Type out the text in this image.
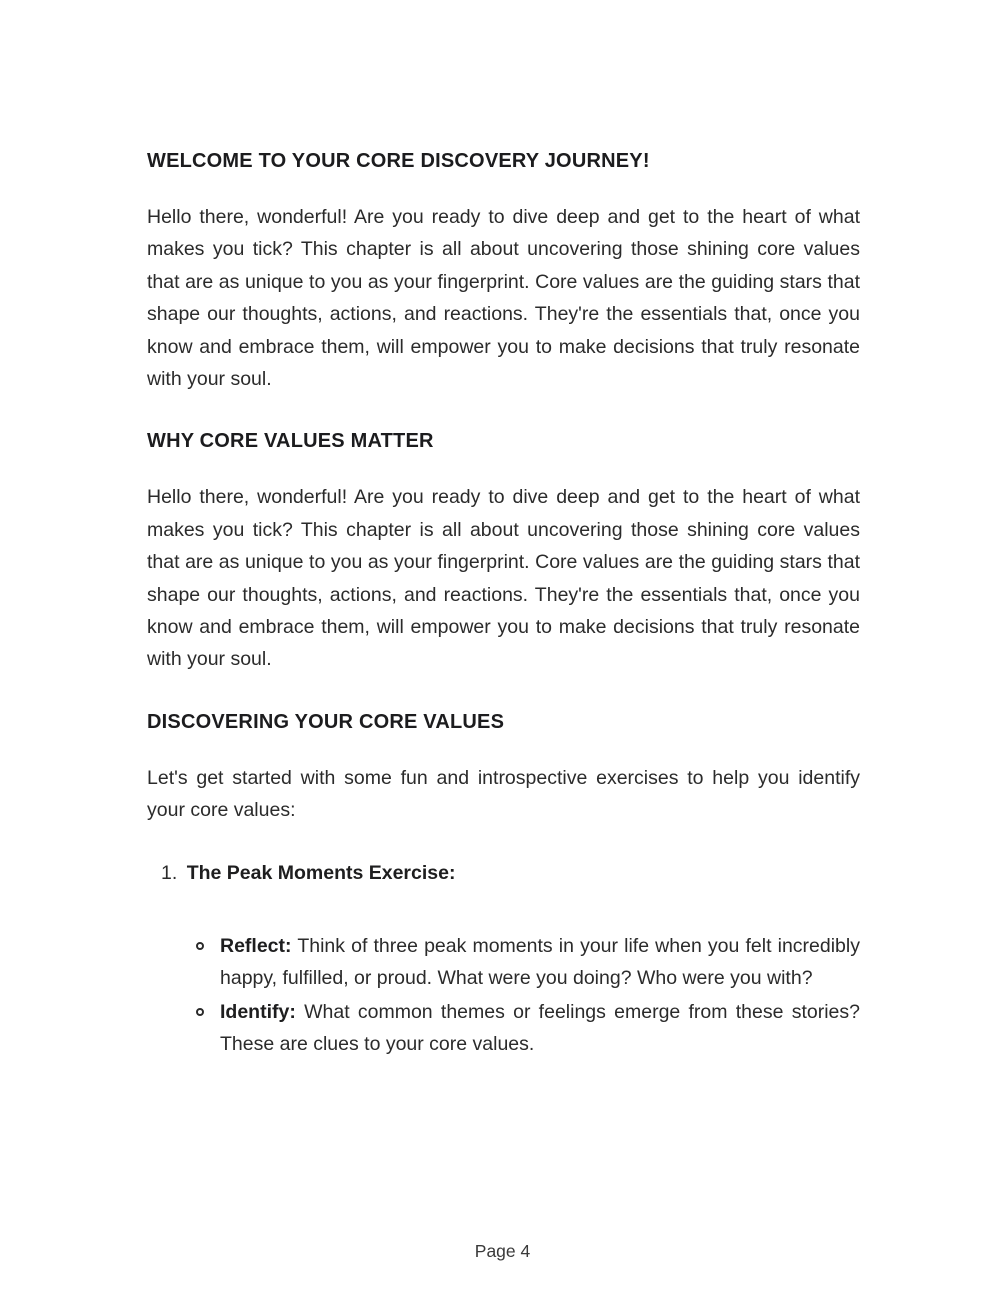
WELCOME TO YOUR CORE DISCOVERY JOURNEY!

Hello there, wonderful! Are you ready to dive deep and get to the heart of what makes you tick? This chapter is all about uncovering those shining core values that are as unique to you as your fingerprint. Core values are the guiding stars that shape our thoughts, actions, and reactions. They're the essentials that, once you know and embrace them, will empower you to make decisions that truly resonate with your soul.

WHY CORE VALUES MATTER

Hello there, wonderful! Are you ready to dive deep and get to the heart of what makes you tick? This chapter is all about uncovering those shining core values that are as unique to you as your fingerprint. Core values are the guiding stars that shape our thoughts, actions, and reactions. They're the essentials that, once you know and embrace them, will empower you to make decisions that truly resonate with your soul.

DISCOVERING YOUR CORE VALUES

Let's get started with some fun and introspective exercises to help you identify your core values:

1. The Peak Moments Exercise:

Reflect: Think of three peak moments in your life when you felt incredibly happy, fulfilled, or proud. What were you doing? Who were you with?

Identify: What common themes or feelings emerge from these stories? These are clues to your core values.

Page 4
